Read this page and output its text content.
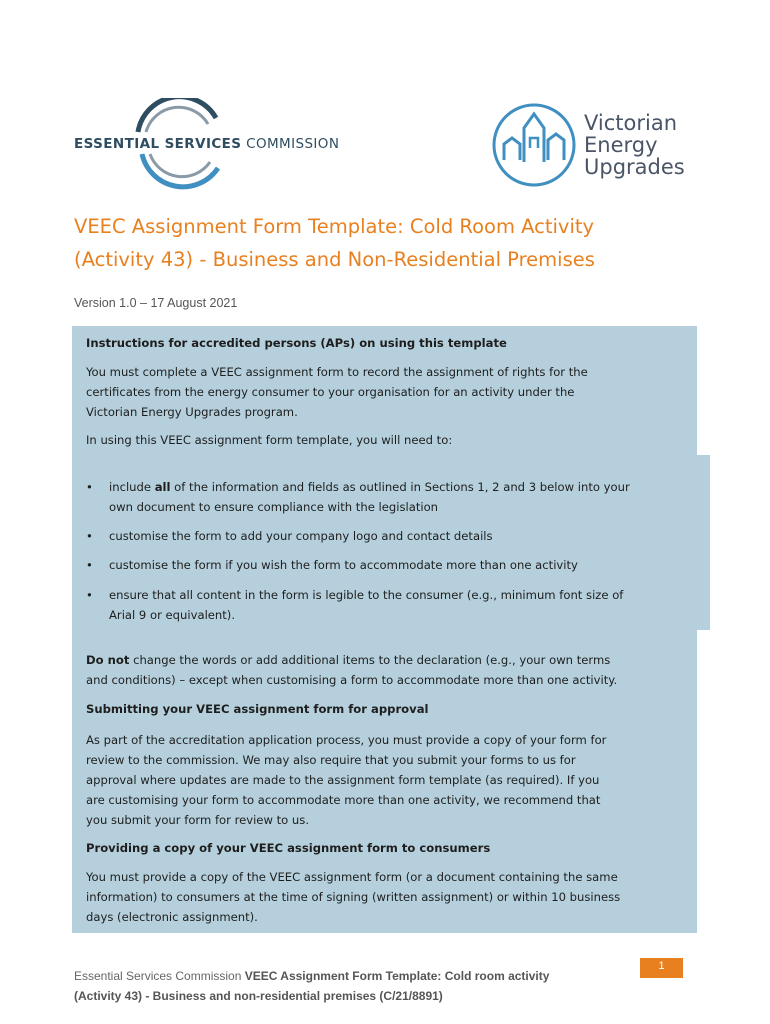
ESSENTIAL SERVICES COMMISSION
Victorian
Energy
Upgrades
VEEC Assignment Form Template: Cold Room Activity
(Activity 43) - Business and Non-Residential Premises
Version 1.0 – 17 August 2021
Instructions for accredited persons (APs) on using this template
You must complete a VEEC assignment form to record the assignment of rights for the
certificates from the energy consumer to your organisation for an activity under the
Victorian Energy Upgrades program.
In using this VEEC assignment form template, you will need to:
• include all of the information and fields as outlined in Sections 1, 2 and 3 below into your
own document to ensure compliance with the legislation
• customise the form to add your company logo and contact details
• customise the form if you wish the form to accommodate more than one activity
• ensure that all content in the form is legible to the consumer (e.g., minimum font size of
Arial 9 or equivalent).
Do not change the words or add additional items to the declaration (e.g., your own terms
and conditions) – except when customising a form to accommodate more than one activity.
Submitting your VEEC assignment form for approval
As part of the accreditation application process, you must provide a copy of your form for
review to the commission. We may also require that you submit your forms to us for
approval where updates are made to the assignment form template (as required). If you
are customising your form to accommodate more than one activity, we recommend that
you submit your form for review to us.
Providing a copy of your VEEC assignment form to consumers
You must provide a copy of the VEEC assignment form (or a document containing the same
information) to consumers at the time of signing (written assignment) or within 10 business
days (electronic assignment).
Essential Services Commission VEEC Assignment Form Template: Cold room activity
(Activity 43) - Business and non-residential premises (C/21/8891)
1
